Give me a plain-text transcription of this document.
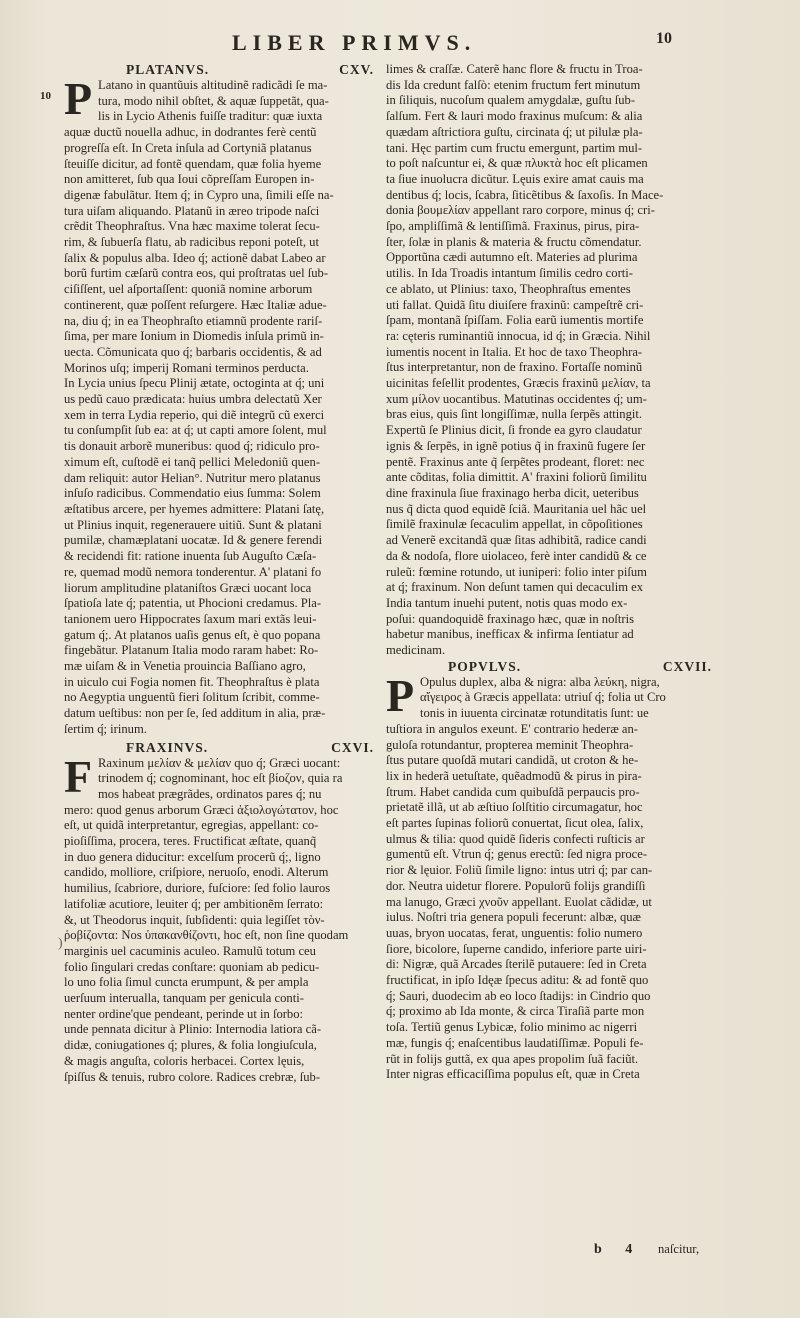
LIBER PRIMVS.	10
10
)
PLATANVS.	CXV.
P Latano in quantũuis altitudinẽ radicãdi ſe ma-
tura, modo nihil obſtet, & aquæ ſuppetãt, qua-
lis in Lycio Athenis fuiſſe traditur: quæ iuxta
aquæ ductũ nouella adhuc, in dodrantes ferè centũ
progreſſa eſt. In Creta inſula ad Cortyniã platanus
ſteuiſſe dicitur, ad fontẽ quendam, quæ folia hyeme
non amitteret, ſub qua Ioui cõpreſſam Europen in-
digenæ fabulãtur. Item q́; in Cypro una, ſimili eſſe na-
tura uiſam aliquando. Platanũ in æreo tripode naſci
crẽdit Theophraſtus. Vna hæc maxime tolerat ſecu-
rim, & ſubuerſa flatu, ab radicibus reponi poteſt, ut
ſalix & populus alba. Ideo q́; actionẽ dabat Labeo ar
borũ furtim cæſarũ contra eos, qui proſtratas uel ſub-
ciſiſſent, uel aſportaſſent: quoniã nomine arborum
continerent, quæ poſſent reſurgere. Hæc Italiæ adue-
na, diu q́; in ea Theophraſto etiamnũ prodente rariſ-
ſima, per mare Ionium in Diomedis inſula primũ in-
uecta. Cõmunicata quo q́; barbaris occidentis, & ad
Morinos uſq; imperij Romani terminos perducta.
In Lycia unius ſpecu Plinij ætate, octoginta at q́; uni
us pedũ cauo prædicata: huius umbra delectatũ Xer
xem in terra Lydia reperio, qui diẽ integrũ cũ exerci
tu conſumpſit ſub ea: at q́; ut capti amore ſolent, mul
tis donauit arborẽ muneribus: quod q́; ridiculo pro-
ximum eſt, cuſtodẽ ei tanq̃ pellici Meledoniũ quen-
dam reliquit: autor Helian°. Nutritur mero platanus
inſuſo radicibus. Commendatio eius ſumma: Solem
æſtatibus arcere, per hyemes admittere: Platani ſatę,
ut Plinius inquit, regenerauere uitiũ. Sunt & platani
pumilæ, chamæplatani uocatæ. Id & genere ferendi
& recidendi fit: ratione inuenta ſub Auguſto Cæſa-
re, quemad modũ nemora tonderentur. A' platani fo
liorum amplitudine plataniſtos Græci uocant loca
ſpatioſa late q́; patentia, ut Phocioni credamus. Pla-
tanionem uero Hippocrates ſaxum mari extãs leui-
gatum q́;. At platanos uaſis genus eſt, è quo popana
fingebãtur. Platanum Italia modo raram habet: Ro-
mæ uiſam & in Venetia prouincia Baſſiano agro,
in uiculo cui Fogia nomen fit. Theophraſtus è plata
no Aegyptia unguentũ fieri ſolitum ſcribit, comme-
datum ueſtibus: non per ſe, ſed additum in alia, præ-
ſertim q́; irinum.
FRAXINVS.	CXVI.
F Raxinum μελίαν & μελίαν quo q́; Græci uocant:
trinodem q́; cognominant, hoc eſt βίοζον, quia ra
mos habeat prægrãdes, ordinatos pares q́; nu
mero: quod genus arborum Græci ἀξιολογώτατον, hoc
eſt, ut quidã interpretantur, egregias, appellant: co-
pioſiſſima, procera, teres. Fructificat æſtate, quanq̃
in duo genera diducitur: excelſum procerũ q́;, ligno
candido, molliore, criſpiore, neruoſo, enodi. Alterum
humilius, ſcabriore, duriore, fuſciore: ſed folio lauros
latifoliæ acutiore, leuiter q́; per ambitionẽm ſerrato:
&, ut Theodorus inquit, ſubſidenti: quia legiſſet τὸν-
ῥοβίζοντα: Nos ὑπακανθίζοντι, hoc eſt, non ſine quodam
marginis uel cacuminis aculeo. Ramulũ totum ceu
folio ſingulari credas conſtare: quoniam ab pedicu-
lo uno folia ſimul cuncta erumpunt, & per ampla
uerſuum interualla, tanquam per genicula conti-
nenter ordine'que pendeant, perinde ut in ſorbo:
unde pennata dicitur à Plinio: Internodia latiora cã-
didæ, coniugationes q́; plures, & folia longiuſcula,
& magis anguſta, coloris herbacei. Cortex lęuis,
ſpiſſus & tenuis, rubro colore. Radices crebræ, ſub-
limes & craſſæ. Caterẽ hanc flore & fructu in Troa-
dis Ida credunt falſò: etenim fructum fert minutum
in ſiliquis, nucoſum qualem amygdalæ, guſtu ſub-
ſalſum. Fert & lauri modo fraxinus muſcum: & alia
quædam aſtrictiora guſtu, circinata q́; ut pilulæ pla-
tani. Hęc partim cum fructu emergunt, partim mul-
to poſt naſcuntur ei, & quæ πλυκτὰ hoc eſt plicamen
ta ſiue inuolucra dicũtur. Lęuis exire amat cauis ma
dentibus q́; locis, ſcabra, ſiticẽtibus & ſaxoſis. In Mace-
donia βουμελίαν appellant raro corpore, minus q́; cri-
ſpo, ampliſſimã & lentiſſimã. Fraxinus, pirus, pira-
ſter, ſolæ in planis & materia & fructu cõmendatur.
Opportũna cædi autumno eſt. Materies ad plurima
utilis. In Ida Troadis intantum ſimilis cedro corti-
ce ablato, ut Plinius: taxo, Theophraſtus ementes
uti fallat. Quidã ſitu diuiſere fraxinũ: campeſtrẽ cri-
ſpam, montanã ſpiſſam. Folia earũ iumentis mortife
ra: cęteris ruminantiũ innocua, id q́; in Græcia. Nihil
iumentis nocent in Italia. Et hoc de taxo Theophra-
ſtus interpretantur, non de fraxino. Fortaſſe nominũ
uicinitas feſellit prodentes, Græcis fraxinũ μελίαν, ta
xum μίλον uocantibus. Matutinas occidentes q́; um-
bras eius, quis ſint longiſſimæ, nulla ſerpẽs attingit.
Expertũ ſe Plinius dicit, ſi fronde ea gyro claudatur
ignis & ſerpẽs, in ignẽ potius q̃ in fraxinũ fugere ſer
pentẽ. Fraxinus ante q̃ ſerpẽtes prodeant, floret: nec
ante cõditas, folia dimittit. A' fraxini foliorũ ſimilitu
dine fraxinula ſiue fraxinago herba dicit, ueteribus
nus q̃ dicta quod equidẽ ſciã. Mauritania uel hãc uel
ſimilẽ fraxinulæ ſecaculim appellat, in cõpoſitiones
ad Venerẽ excitandã quæ ſitas adhibitã, radice candi
da & nodoſa, flore uiolaceo, ferè inter candidũ & ce
ruleũ: fœmine rotundo, ut iuniperi: folio inter piſum
at q́; fraxinum. Non deſunt tamen qui decaculim ex
India tantum inuehi putent, notis quas modo ex-
poſui: quandoquidẽ fraxinago hæc, quæ in noſtris
habetur manibus, inefficax & infirma ſentiatur ad
medicinam.
POPVLVS.	CXVII.
P Opulus duplex, alba & nigra: alba λεύκη, nigra,
αἴγειρος à Græcis appellata: utriuſ q́; folia ut Cro
tonis in iuuenta circinatæ rotunditatis ſunt: ue
tuſtiora in angulos exeunt. E' contrario hederæ an-
guloſa rotundantur, propterea meminit Theophra-
ſtus putare quoſdã mutari candidã, ut croton & he-
lix in hederã uetuſtate, quẽadmodũ & pirus in pira-
ſtrum. Habet candida cum quibuſdã perpaucis pro-
prietatẽ illã, ut ab æſtiuo ſolſtitio circumagatur, hoc
eſt partes ſupinas foliorũ conuertat, ſicut olea, ſalix,
ulmus & tilia: quod quidẽ ſideris confecti ruſticis ar
gumentũ eſt. Vtrun q́; genus erectũ: ſed nigra proce-
rior & lęuior. Foliũ ſimile ligno: intus utri q́; par can-
dor. Neutra uidetur florere. Populorũ folijs grandiſſi
ma lanugo, Græci χνοῦν appellant. Euolat cãdidæ, ut
iulus. Noſtri tria genera populi fecerunt: albæ, quæ
uuas, bryon uocatas, ferat, unguentis: folio numero
ſiore, bicolore, ſuperne candido, inferiore parte uiri-
di: Nigræ, quã Arcades ſterilẽ putauere: ſed in Creta
fructificat, in ipſo Idęæ ſpecus aditu: & ad fontẽ quo
q́; Sauri, duodecim ab eo loco ſtadijs: in Cindrio quo
q́; proximo ab Ida monte, & circa Tiraſiã parte mon
toſa. Tertiũ genus Lybicæ, folio minimo ac nigerri
mæ, fungis q́; enaſcentibus laudatiſſimæ. Populi fe-
rũt in folijs guttã, ex qua apes propolim ſuã faciũt.
Inter nigras efficaciſſima populus eſt, quæ in Creta
b 4 naſcitur,
